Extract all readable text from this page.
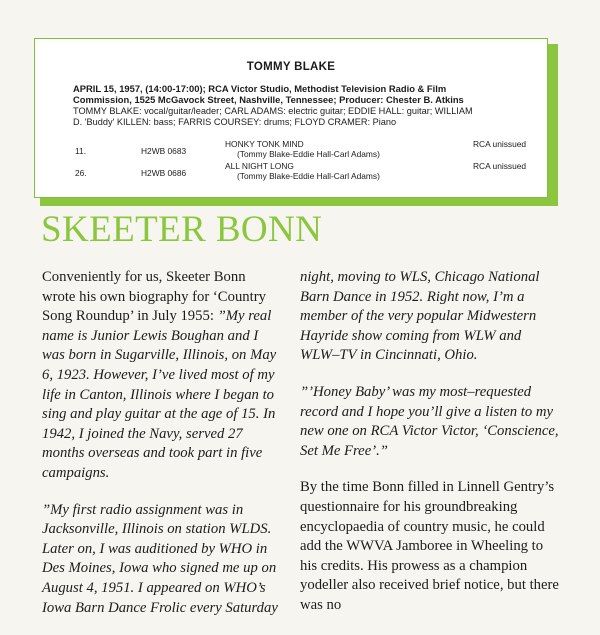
TOMMY BLAKE
APRIL 15, 1957, (14:00-17:00); RCA Victor Studio, Methodist Television Radio & Film
Commission, 1525 McGavock Street, Nashville, Tennessee; Producer: Chester B. Atkins
TOMMY BLAKE: vocal/guitar/leader; CARL ADAMS: electric guitar; EDDIE HALL: guitar; WILLIAM
D. 'Buddy' KILLEN: bass; FARRIS COURSEY: drums; FLOYD CRAMER: Piano
11.	H2WB 0683
HONKY TONK MIND
(Tommy Blake-Eddie Hall-Carl Adams)
RCA unissued
26.	H2WB 0686
ALL NIGHT LONG
(Tommy Blake-Eddie Hall-Carl Adams)
RCA unissued
SKEETER BONN

Conveniently for us, Skeeter Bonn wrote his own biography for ‘Country Song Roundup’ in July 1955: ”My real name is Junior Lewis Boughan and I was born in Sugarville, Illinois, on May 6, 1923. However, I’ve lived most of my life in Canton, Illinois where I began to sing and play guitar at the age of 15. In 1942, I joined the Navy, served 27 months overseas and took part in five campaigns.

”My first radio assignment was in Jacksonville, Illinois on station WLDS. Later on, I was auditioned by WHO in Des Moines, Iowa who signed me up on August 4, 1951. I appeared on WHO’s Iowa Barn Dance Frolic every Saturday

night, moving to WLS, Chicago National Barn Dance in 1952. Right now, I’m a member of the very popular Midwestern Hayride show coming from WLW and WLW–TV in Cincinnati, Ohio.

”’Honey Baby’ was my most–requested record and I hope you’ll give a listen to my new one on RCA Victor Victor, ‘Conscience, Set Me Free’.”

By the time Bonn filled in Linnell Gentry’s questionnaire for his groundbreaking encyclopaedia of country music, he could add the WWVA Jamboree in Wheeling to his credits. His prowess as a champion yodeller also received brief notice, but there was no
